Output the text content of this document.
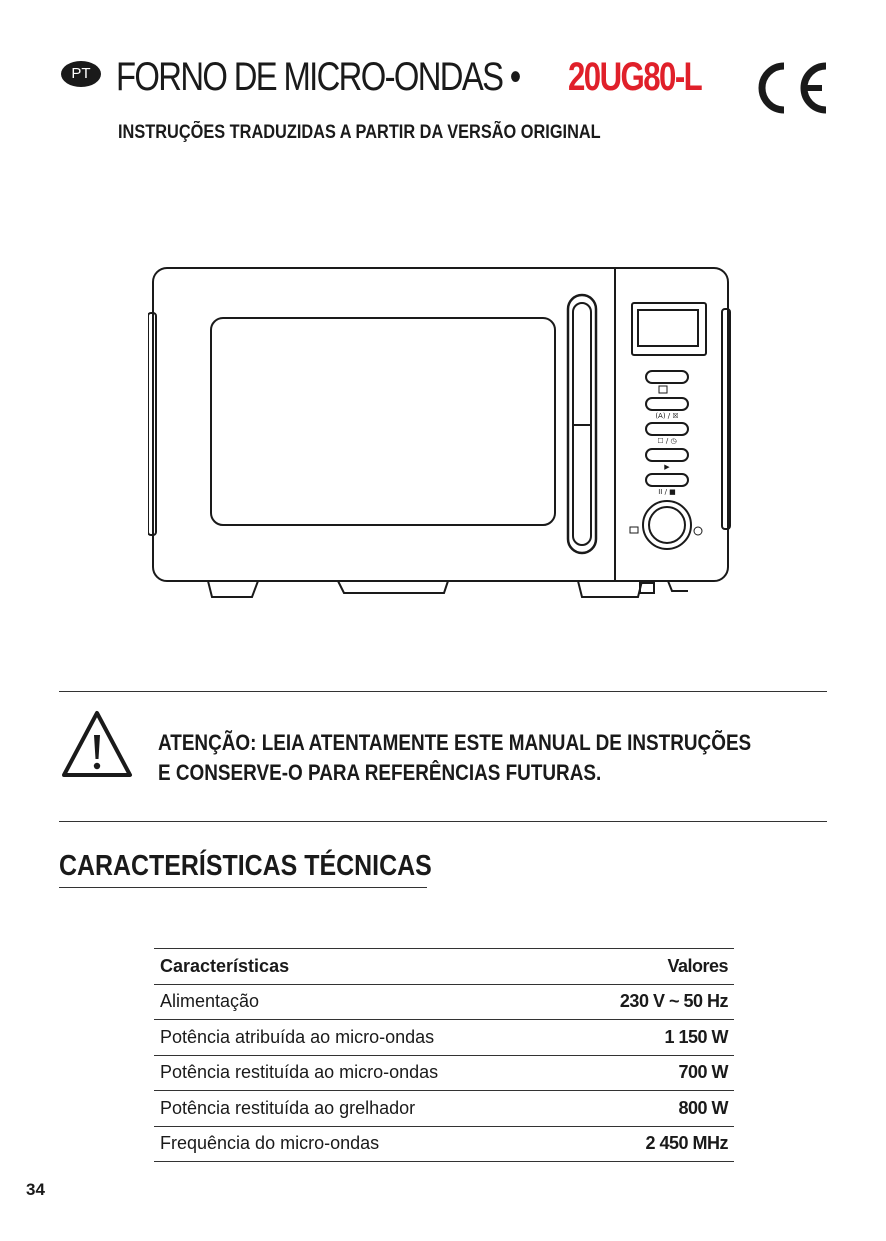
PT FORNO DE MICRO-ONDAS • 20UG80-L
INSTRUÇÕES TRADUZIDAS A PARTIR DA VERSÃO ORIGINAL
(A) / ☒
☐ / ◷
▶
II / ■
ATENÇÃO: LEIA ATENTAMENTE ESTE MANUAL DE INSTRUÇÕES E CONSERVE-O PARA REFERÊNCIAS FUTURAS.
CARACTERÍSTICAS TÉCNICAS
Características	Valores
Alimentação	230 V ~ 50 Hz
Potência atribuída ao micro-ondas	1 150 W
Potência restituída ao micro-ondas	700 W
Potência restituída ao grelhador	800 W
Frequência do micro-ondas	2 450 MHz
34
